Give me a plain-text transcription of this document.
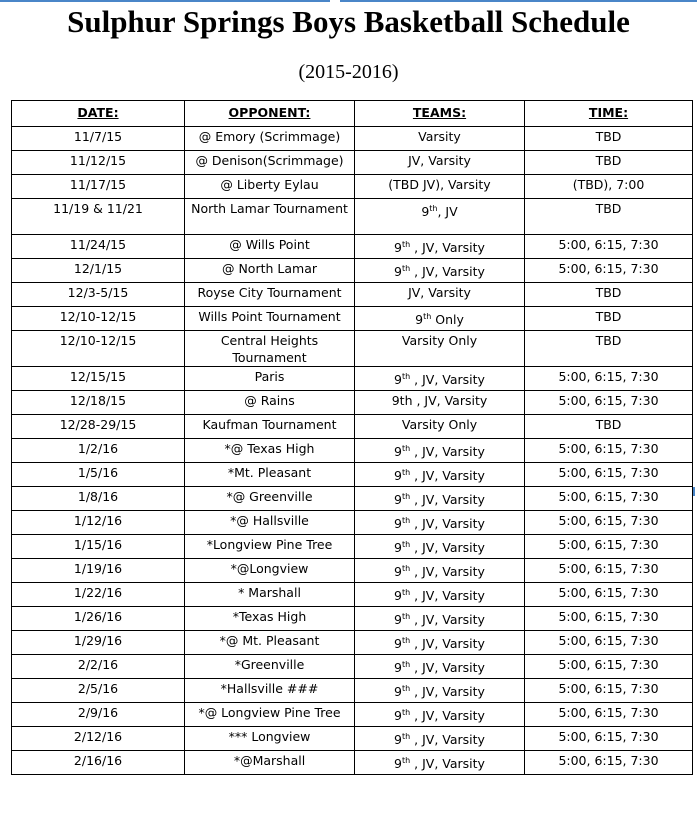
Sulphur Springs Boys Basketball Schedule

(2015-2016)

DATE:	OPPONENT:	TEAMS:	TIME:
11/7/15	@ Emory (Scrimmage)	Varsity	TBD
11/12/15	@ Denison(Scrimmage)	JV, Varsity	TBD
11/17/15	@ Liberty Eylau	(TBD JV), Varsity	(TBD), 7:00
11/19 & 11/21	North Lamar Tournament	9th, JV	TBD
11/24/15	@ Wills Point	9th , JV, Varsity	5:00, 6:15, 7:30
12/1/15	@ North Lamar	9th , JV, Varsity	5:00, 6:15, 7:30
12/3-5/15	Royse City Tournament	JV, Varsity	TBD
12/10-12/15	Wills Point Tournament	9th Only	TBD
12/10-12/15	Central Heights Tournament	Varsity Only	TBD
12/15/15	Paris	9th , JV, Varsity	5:00, 6:15, 7:30
12/18/15	@ Rains	9th , JV, Varsity	5:00, 6:15, 7:30
12/28-29/15	Kaufman Tournament	Varsity Only	TBD
1/2/16	*@ Texas High	9th , JV, Varsity	5:00, 6:15, 7:30
1/5/16	*Mt. Pleasant	9th , JV, Varsity	5:00, 6:15, 7:30
1/8/16	*@ Greenville	9th , JV, Varsity	5:00, 6:15, 7:30
1/12/16	*@ Hallsville	9th , JV, Varsity	5:00, 6:15, 7:30
1/15/16	*Longview Pine Tree	9th , JV, Varsity	5:00, 6:15, 7:30
1/19/16	*@Longview	9th , JV, Varsity	5:00, 6:15, 7:30
1/22/16	* Marshall	9th , JV, Varsity	5:00, 6:15, 7:30
1/26/16	*Texas High	9th , JV, Varsity	5:00, 6:15, 7:30
1/29/16	*@ Mt. Pleasant	9th , JV, Varsity	5:00, 6:15, 7:30
2/2/16	*Greenville	9th , JV, Varsity	5:00, 6:15, 7:30
2/5/16	*Hallsville ###	9th , JV, Varsity	5:00, 6:15, 7:30
2/9/16	*@ Longview Pine Tree	9th , JV, Varsity	5:00, 6:15, 7:30
2/12/16	*** Longview	9th , JV, Varsity	5:00, 6:15, 7:30
2/16/16	*@Marshall	9th , JV, Varsity	5:00, 6:15, 7:30
